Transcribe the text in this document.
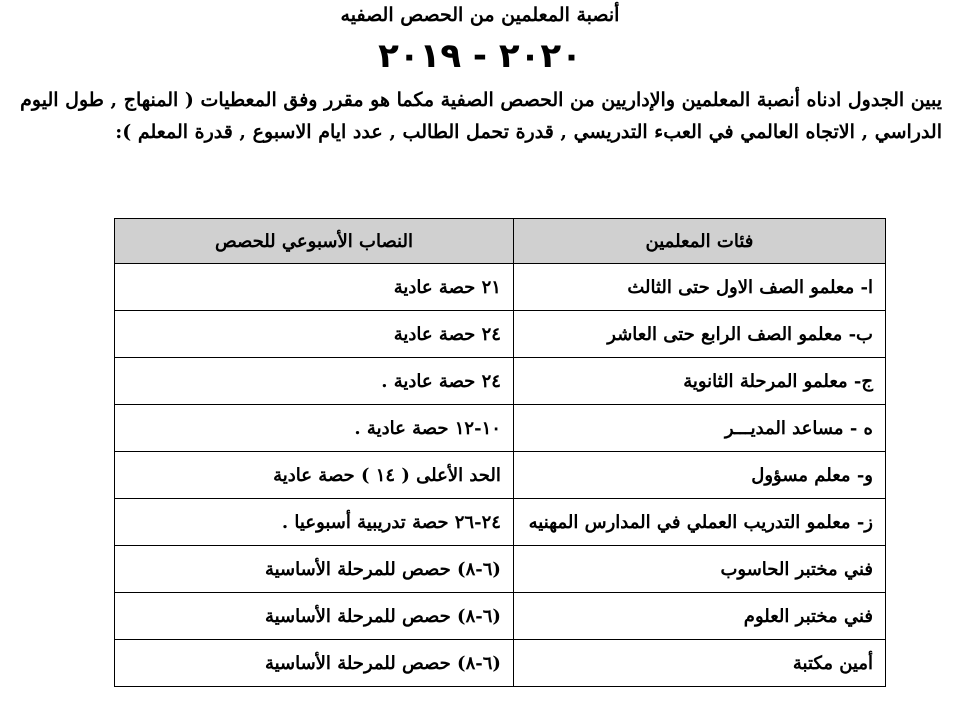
أنصبة المعلمين من الحصص الصفيه
٢٠٢٠ - ٢٠١٩
يبين الجدول ادناه أنصبة المعلمين والإداريين من الحصص الصفية مكما هو مقرر وفق المعطيات ( المنهاج , طول اليوم الدراسي , الاتجاه العالمي في العبء التدريسي , قدرة تحمل الطالب , عدد ايام الاسبوع , قدرة المعلم ):
فئات المعلمين	النصاب الأسبوعي للحصص
ا- معلمو الصف الاول حتى الثالث	٢١ حصة عادية
ب- معلمو الصف الرابع حتى العاشر	٢٤ حصة عادية
ج- معلمو المرحلة الثانوية	٢٤ حصة عادية .
ه - مساعد المديـــر	١٠-١٢ حصة عادية .
و- معلم مسؤول	الحد الأعلى ( ١٤ ) حصة عادية
ز- معلمو التدريب العملي في المدارس المهنيه	٢٤-٢٦ حصة تدريبية أسبوعيا .
فني مختبر الحاسوب	(٦-٨) حصص للمرحلة الأساسية
فني مختبر العلوم	(٦-٨) حصص للمرحلة الأساسية
أمين مكتبة	(٦-٨) حصص للمرحلة الأساسية
